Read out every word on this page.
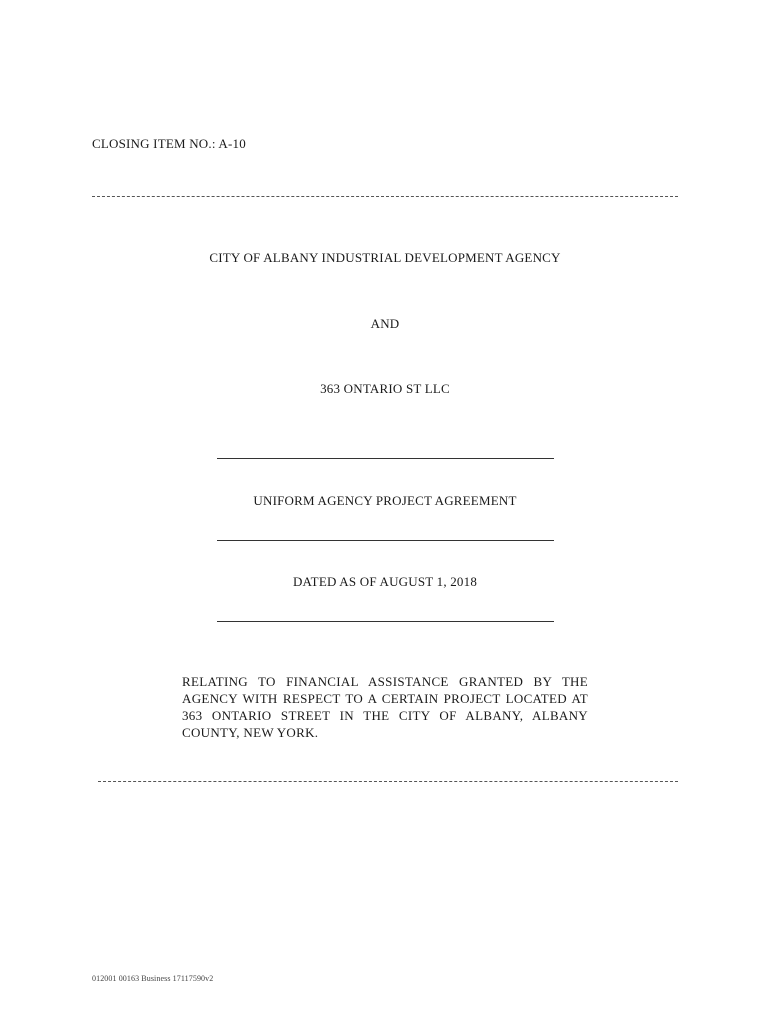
CLOSING ITEM NO.: A-10
CITY OF ALBANY INDUSTRIAL DEVELOPMENT AGENCY
AND
363 ONTARIO ST LLC
UNIFORM AGENCY PROJECT AGREEMENT
DATED AS OF AUGUST 1, 2018
RELATING TO FINANCIAL ASSISTANCE GRANTED BY THE AGENCY WITH RESPECT TO A CERTAIN PROJECT LOCATED AT 363 ONTARIO STREET IN THE CITY OF ALBANY, ALBANY COUNTY, NEW YORK.
012001 00163 Business 17117590v2
